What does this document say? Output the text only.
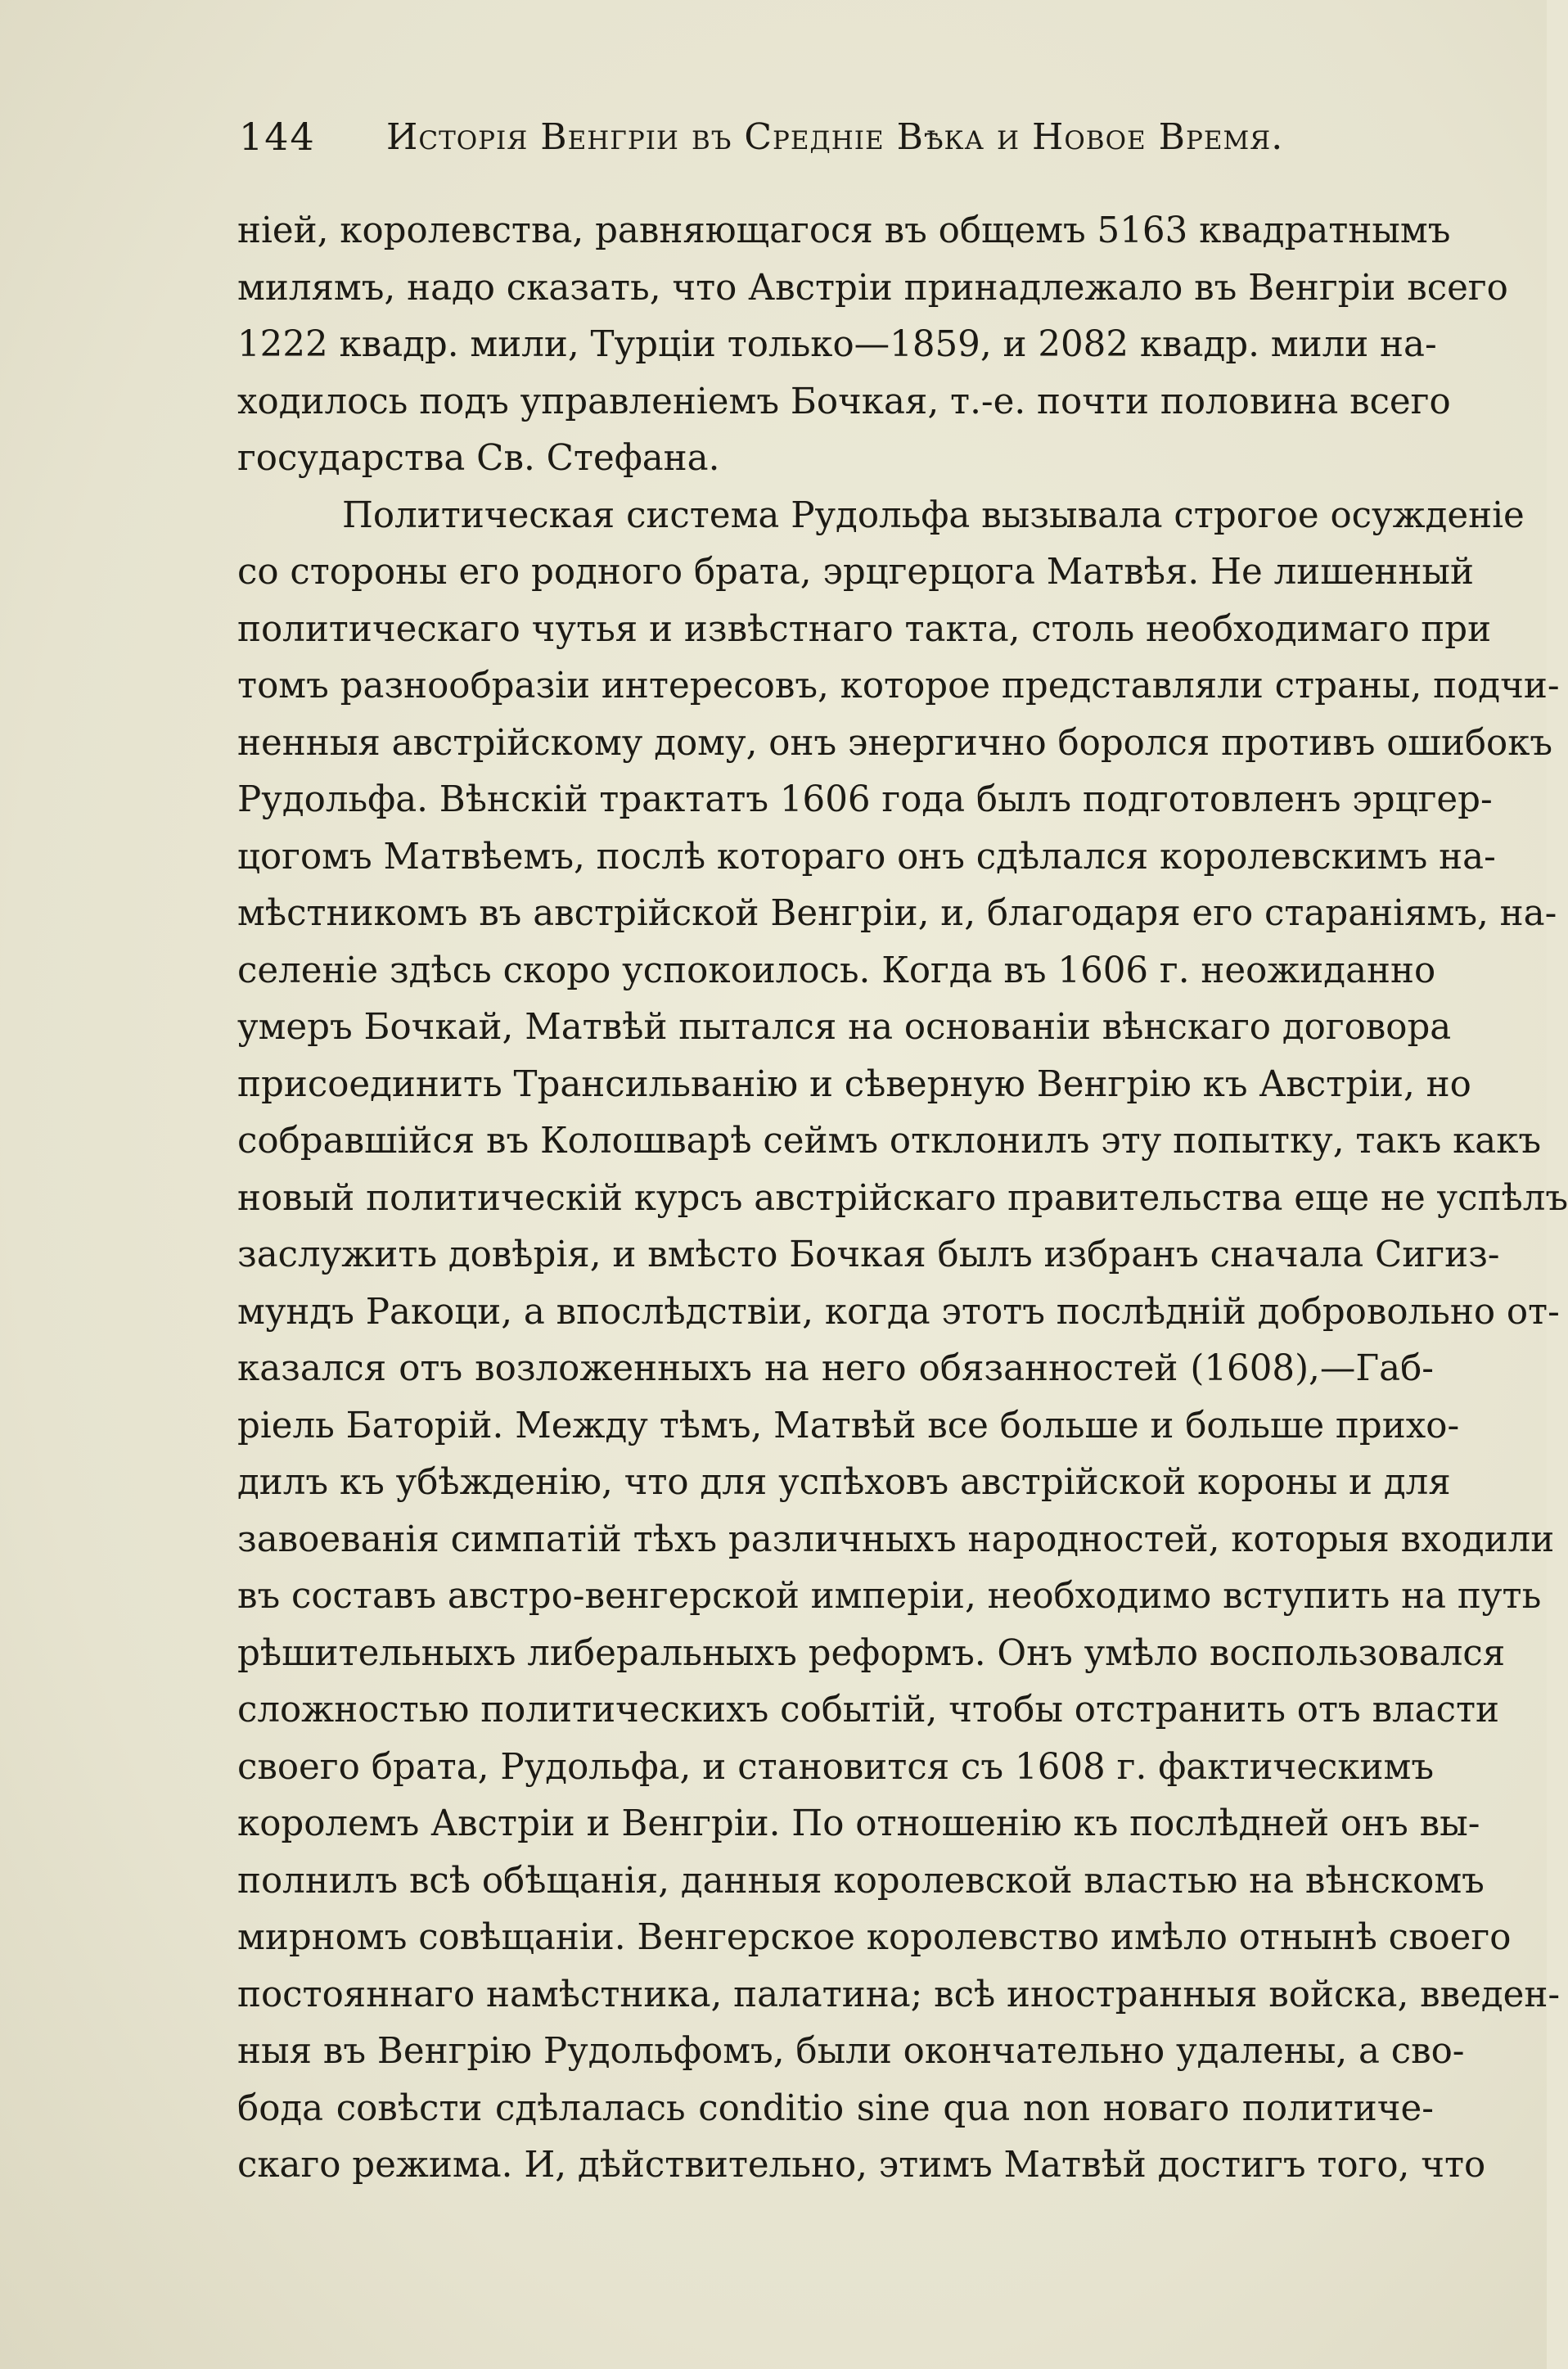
144 Исторія Венгріи въ Средніе Вѣка и Новое Время.
ніей, королевства, равняющагося въ общемъ 5163 квадратнымъ
милямъ, надо сказать, что Австріи принадлежало въ Венгріи всего
1222 квадр. мили, Турціи только—1859, и 2082 квадр. мили на-
ходилось подъ управленіемъ Бочкая, т.-е. почти половина всего
государства Св. Стефана.
Политическая система Рудольфа вызывала строгое осужденіе
со стороны его родного брата, эрцгерцога Матвѣя. Не лишенный
политическаго чутья и извѣстнаго такта, столь необходимаго при
томъ разнообразіи интересовъ, которое представляли страны, подчи-
ненныя австрійскому дому, онъ энергично боролся противъ ошибокъ
Рудольфа. Вѣнскій трактатъ 1606 года былъ подготовленъ эрцгер-
цогомъ Матвѣемъ, послѣ котораго онъ сдѣлался королевскимъ на-
мѣстникомъ въ австрійской Венгріи, и, благодаря его стараніямъ, на-
селеніе здѣсь скоро успокоилось. Когда въ 1606 г. неожиданно
умеръ Бочкай, Матвѣй пытался на основаніи вѣнскаго договора
присоединить Трансильванію и сѣверную Венгрію къ Австріи, но
собравшійся въ Колошварѣ сеймъ отклонилъ эту попытку, такъ какъ
новый политическій курсъ австрійскаго правительства еще не успѣлъ
заслужить довѣрія, и вмѣсто Бочкая былъ избранъ сначала Сигиз-
мундъ Ракоци, а впослѣдствіи, когда этотъ послѣдній добровольно от-
казался отъ возложенныхъ на него обязанностей (1608),—Габ-
ріель Баторій. Между тѣмъ, Матвѣй все больше и больше прихо-
дилъ къ убѣжденію, что для успѣховъ австрійской короны и для
завоеванія симпатій тѣхъ различныхъ народностей, которыя входили
въ составъ австро-венгерской имперіи, необходимо вступить на путь
рѣшительныхъ либеральныхъ реформъ. Онъ умѣло воспользовался
сложностью политическихъ событій, чтобы отстранить отъ власти
своего брата, Рудольфа, и становится съ 1608 г. фактическимъ
королемъ Австріи и Венгріи. По отношенію къ послѣдней онъ вы-
полнилъ всѣ обѣщанія, данныя королевской властью на вѣнскомъ
мирномъ совѣщаніи. Венгерское королевство имѣло отнынѣ своего
постояннаго намѣстника, палатина; всѣ иностранныя войска, введен-
ныя въ Венгрію Рудольфомъ, были окончательно удалены, а сво-
бода совѣсти сдѣлалась conditio sine qua non новаго политиче-
скаго режима. И, дѣйствительно, этимъ Матвѣй достигъ того, что
